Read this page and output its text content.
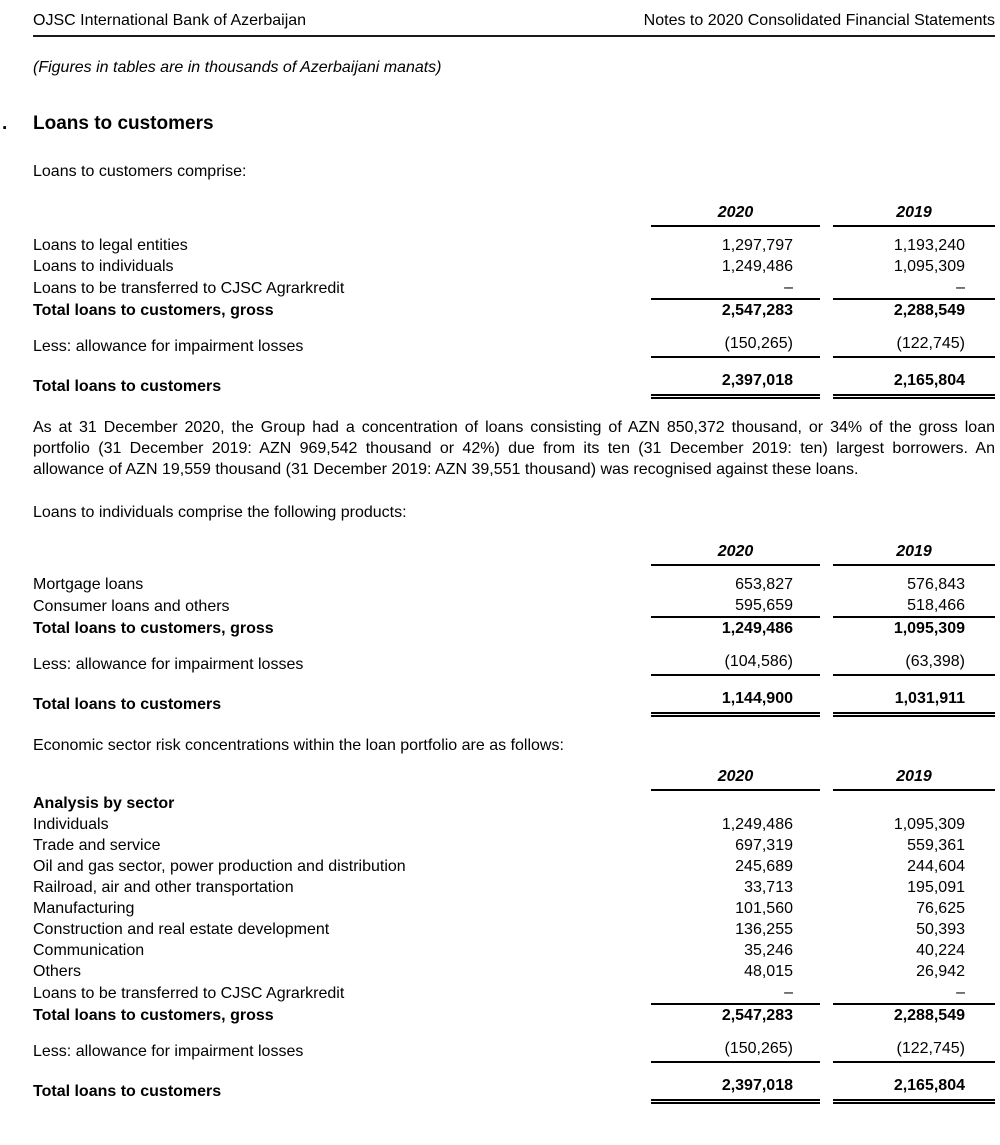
OJSC International Bank of Azerbaijan	Notes to 2020 Consolidated Financial Statements
(Figures in tables are in thousands of Azerbaijani manats)
. Loans to customers
Loans to customers comprise:
	2020		2019

Loans to legal entities	1,297,797		1,193,240
Loans to individuals	1,249,486		1,095,309
Loans to be transferred to CJSC Agrarkredit	–		–
Total loans to customers, gross	2,547,283		2,288,549
Less: allowance for impairment losses	(150,265)		(122,745)
Total loans to customers	2,397,018		2,165,804
As at 31 December 2020, the Group had a concentration of loans consisting of AZN 850,372 thousand, or 34% of the gross loan portfolio (31 December 2019: AZN 969,542 thousand or 42%) due from its ten (31 December 2019: ten) largest borrowers. An allowance of AZN 19,559 thousand (31 December 2019: AZN 39,551 thousand) was recognised against these loans.
Loans to individuals comprise the following products:
	2020		2019

Mortgage loans	653,827		576,843
Consumer loans and others	595,659		518,466
Total loans to customers, gross	1,249,486		1,095,309
Less: allowance for impairment losses	(104,586)		(63,398)
Total loans to customers	1,144,900		1,031,911
Economic sector risk concentrations within the loan portfolio are as follows:
	2020		2019

Analysis by sector			
Individuals	1,249,486		1,095,309
Trade and service	697,319		559,361
Oil and gas sector, power production and distribution	245,689		244,604
Railroad, air and other transportation	33,713		195,091
Manufacturing	101,560		76,625
Construction and real estate development	136,255		50,393
Communication	35,246		40,224
Others	48,015		26,942
Loans to be transferred to CJSC Agrarkredit	–		–
Total loans to customers, gross	2,547,283		2,288,549
Less: allowance for impairment losses	(150,265)		(122,745)
Total loans to customers	2,397,018		2,165,804
